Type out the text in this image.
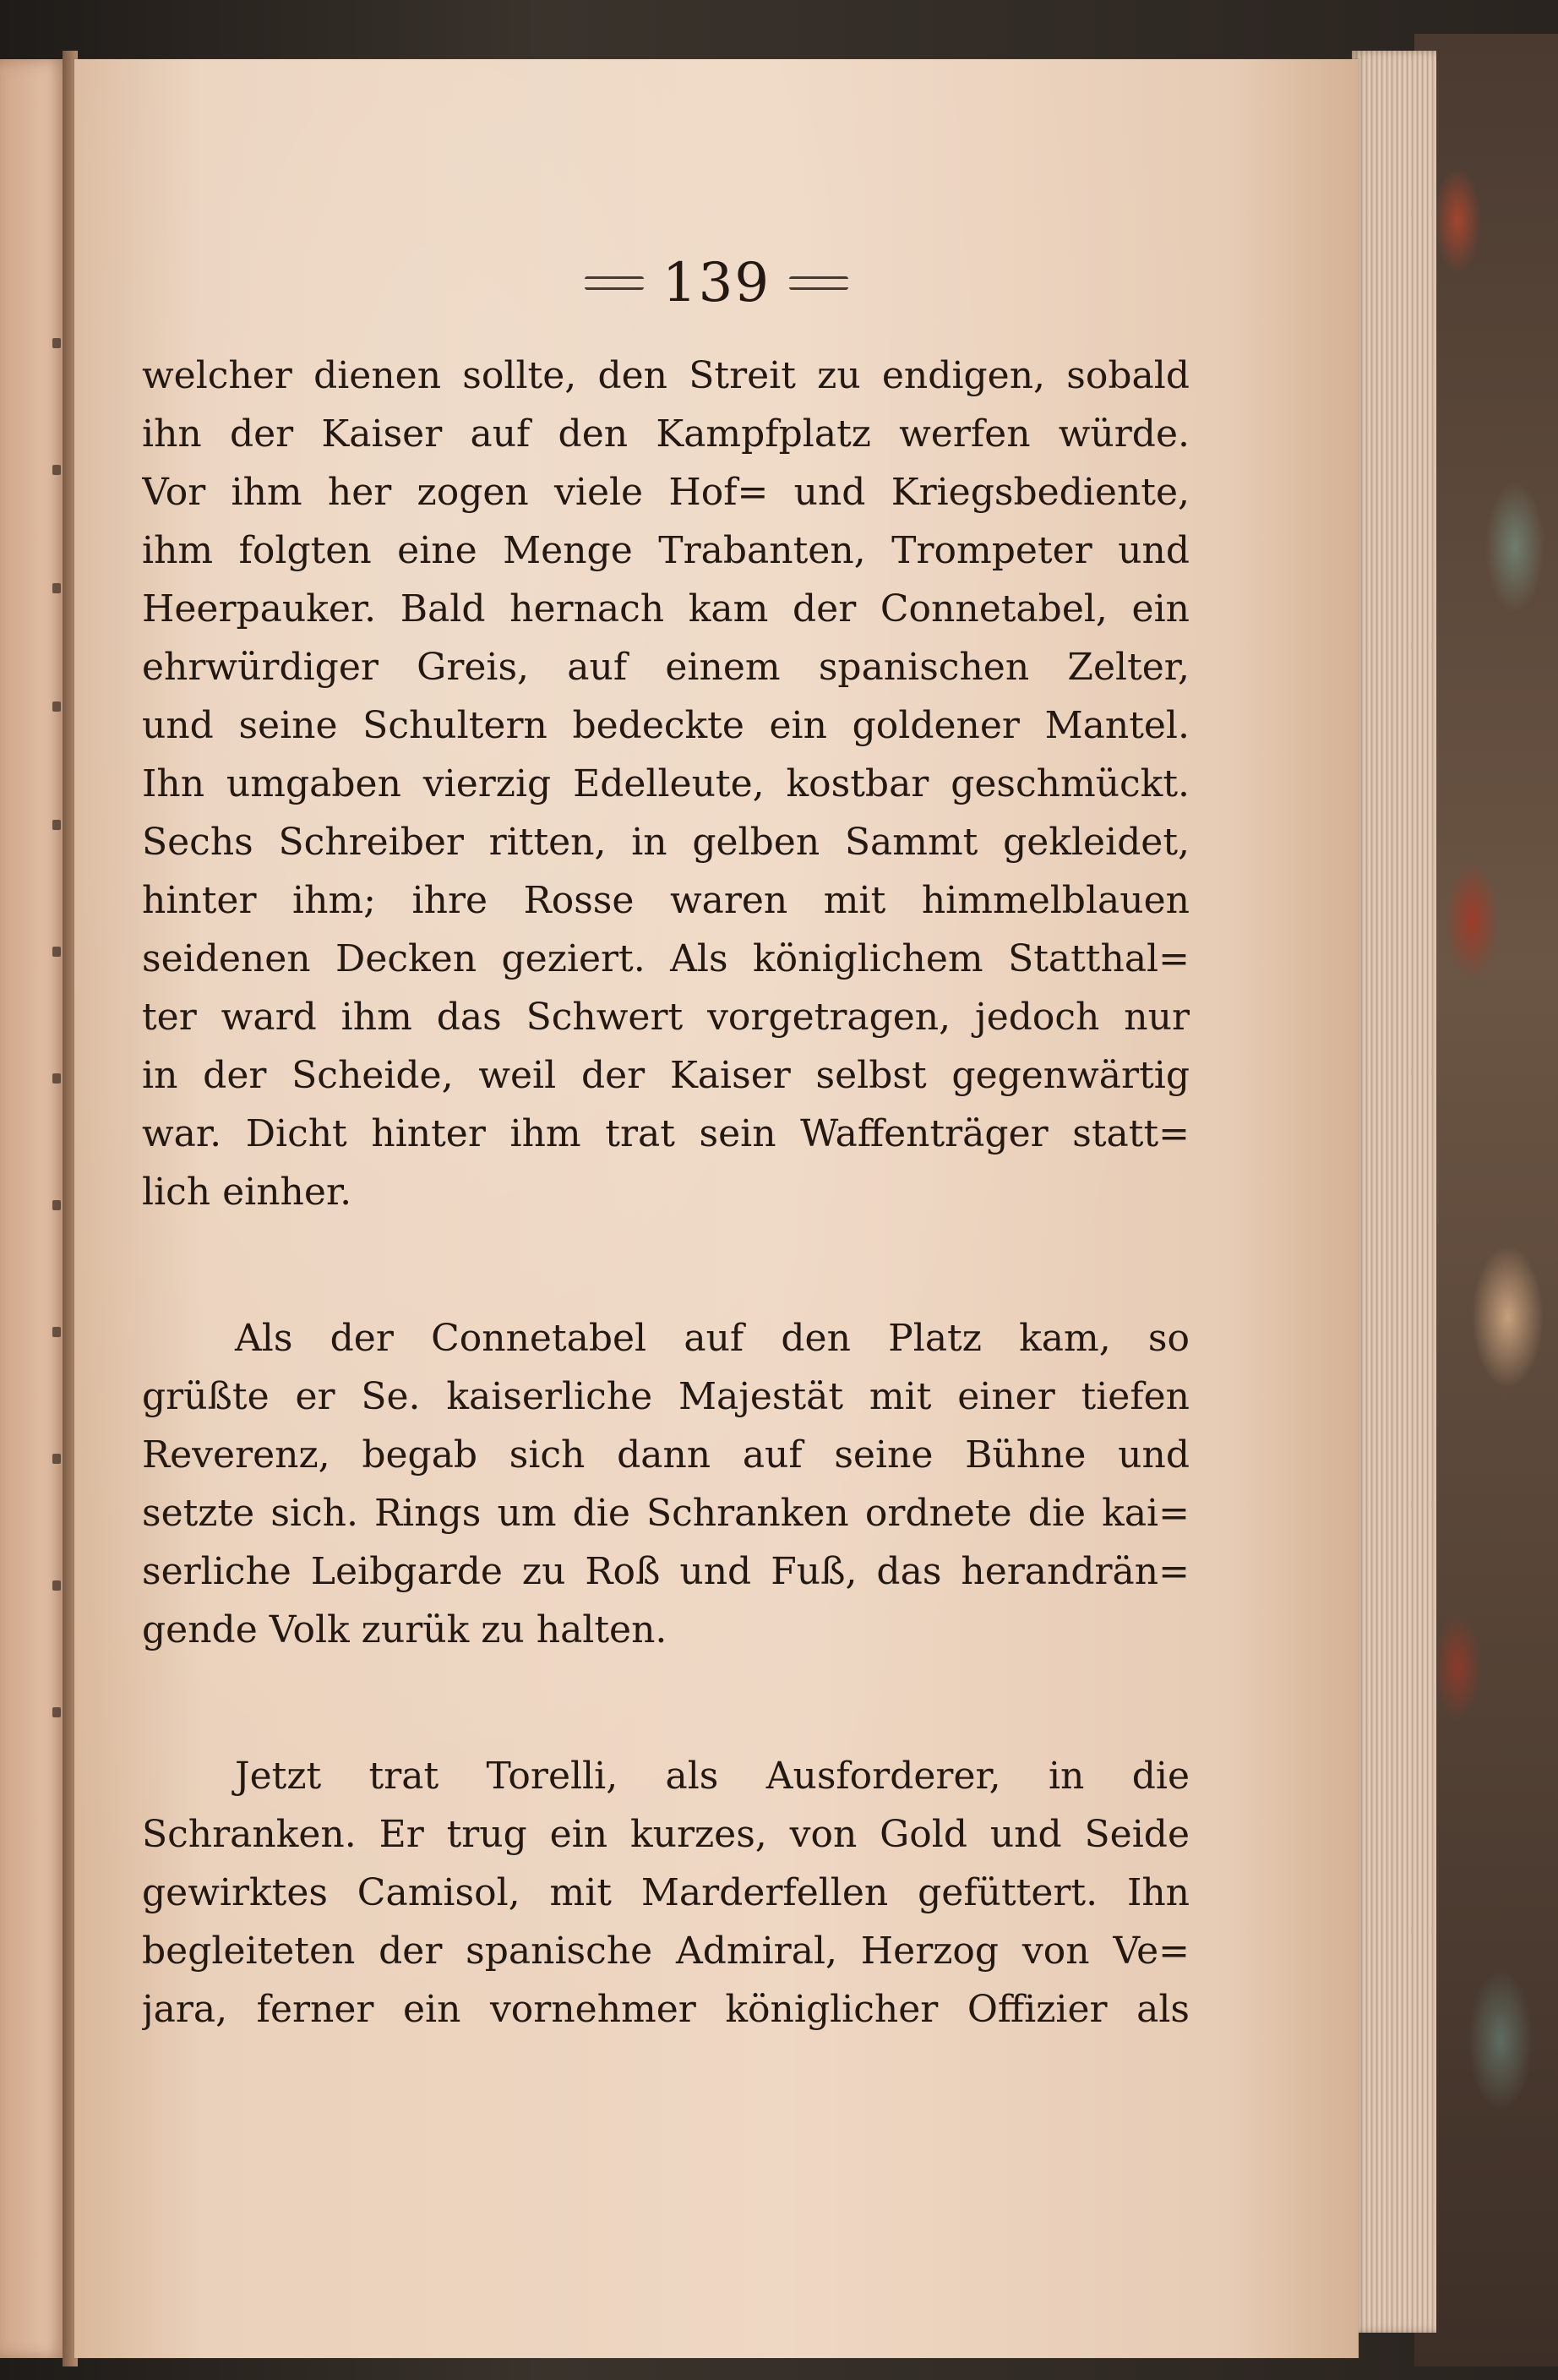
139
welcher dienen sollte, den Streit zu endigen, sobald
ihn der Kaiser auf den Kampfplatz werfen würde.
Vor ihm her zogen viele Hof= und Kriegsbediente,
ihm folgten eine Menge Trabanten, Trompeter und
Heerpauker. Bald hernach kam der Connetabel, ein
ehrwürdiger Greis, auf einem spanischen Zelter,
und seine Schultern bedeckte ein goldener Mantel.
Ihn umgaben vierzig Edelleute, kostbar geschmückt.
Sechs Schreiber ritten, in gelben Sammt gekleidet,
hinter ihm; ihre Rosse waren mit himmelblauen
seidenen Decken geziert. Als königlichem Statthal=
ter ward ihm das Schwert vorgetragen, jedoch nur
in der Scheide, weil der Kaiser selbst gegenwärtig
war. Dicht hinter ihm trat sein Waffenträger statt=
lich einher.
Als der Connetabel auf den Platz kam, so
grüßte er Se. kaiserliche Majestät mit einer tiefen
Reverenz, begab sich dann auf seine Bühne und
setzte sich. Rings um die Schranken ordnete die kai=
serliche Leibgarde zu Roß und Fuß, das herandrän=
gende Volk zurük zu halten.
Jetzt trat Torelli, als Ausforderer, in die
Schranken. Er trug ein kurzes, von Gold und Seide
gewirktes Camisol, mit Marderfellen gefüttert. Ihn
begleiteten der spanische Admiral, Herzog von Ve=
jara, ferner ein vornehmer königlicher Offizier als
